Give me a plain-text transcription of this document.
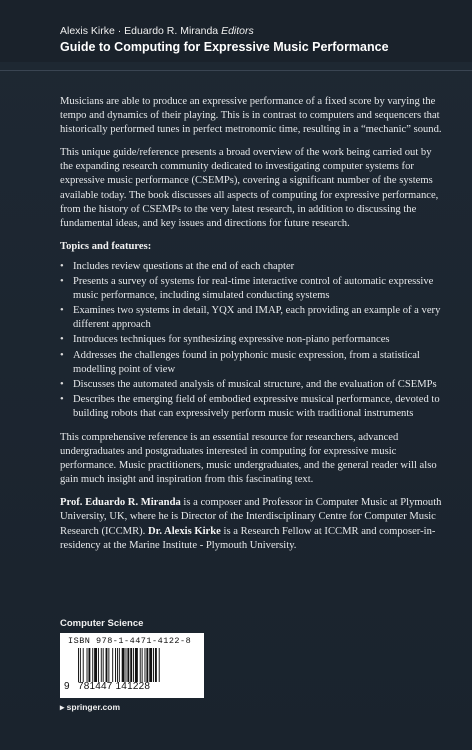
Alexis Kirke · Eduardo R. Miranda Editors
Guide to Computing for Expressive Music Performance

Musicians are able to produce an expressive performance of a fixed score by varying the tempo and dynamics of their playing. This is in contrast to computers and sequencers that historically performed tunes in perfect metronomic time, resulting in a “mechanic” sound.

This unique guide/reference presents a broad overview of the work being carried out by the expanding research community dedicated to investigating computer systems for expressive music performance (CSEMPs), covering a significant number of the systems available today. The book discusses all aspects of computing for expressive performance, from the history of CSEMPs to the very latest research, in addition to discussing the fundamental ideas, and key issues and directions for future research.

Topics and features:
• Includes review questions at the end of each chapter
• Presents a survey of systems for real-time interactive control of automatic expressive music performance, including simulated conducting systems
• Examines two systems in detail, YQX and IMAP, each providing an example of a very different approach
• Introduces techniques for synthesizing expressive non-piano performances
• Addresses the challenges found in polyphonic music expression, from a statistical modelling point of view
• Discusses the automated analysis of musical structure, and the evaluation of CSEMPs
• Describes the emerging field of embodied expressive musical performance, devoted to building robots that can expressively perform music with traditional instruments

This comprehensive reference is an essential resource for researchers, advanced undergraduates and postgraduates interested in computing for expressive music performance. Music practitioners, music undergraduates, and the general reader will also gain much insight and inspiration from this fascinating text.

Prof. Eduardo R. Miranda is a composer and Professor in Computer Music at Plymouth University, UK, where he is Director of the Interdisciplinary Centre for Computer Music Research (ICCMR). Dr. Alexis Kirke is a Research Fellow at ICCMR and composer-in-residency at the Marine Institute - Plymouth University.

Computer Science
ISBN 978-1-4471-4122-8
9 781447 141228
▸ springer.com
